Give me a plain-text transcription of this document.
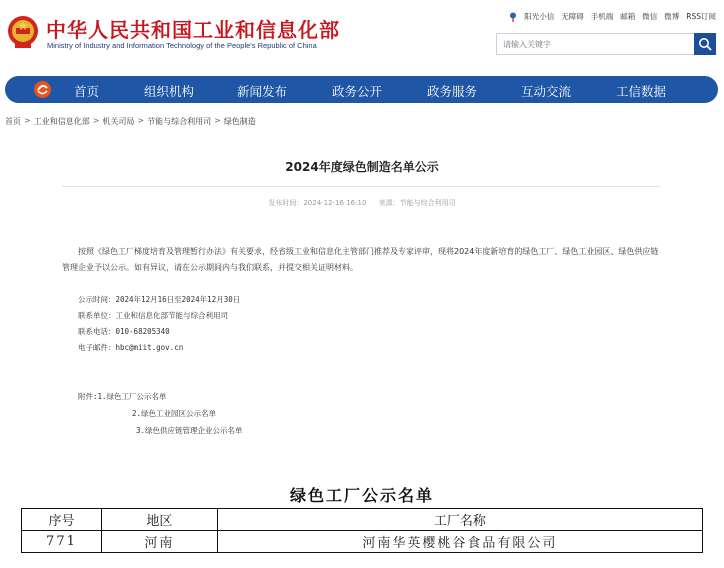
中华人民共和国工业和信息化部
Ministry of Industry and Information Technology of the People's Republic of China
阳光小信 无障碍 手机端 邮箱 微信 微博 RSS订阅
请输入关键字
首页	组织机构	新闻发布	政务公开	政务服务	互动交流	工信数据
首页 > 工业和信息化部 > 机关司局 > 节能与综合利用司 > 绿色制造
2024年度绿色制造名单公示
发布时间：2024-12-16 16:10 来源：节能与综合利用司
按照《绿色工厂梯度培育及管理暂行办法》有关要求，经省级工业和信息化主管部门推荐及专家评审，现将2024年度新培育的绿色工厂、绿色工业园区、绿色供应链管理企业予以公示。如有异议，请在公示期间内与我们联系，并提交相关证明材料。
公示时间：2024年12月16日至2024年12月30日
联系单位：工业和信息化部节能与综合利用司
联系电话：010-68205340
电子邮件：hbc@miit.gov.cn
附件:1.绿色工厂公示名单
2.绿色工业园区公示名单
3.绿色供应链管理企业公示名单
绿色工厂公示名单
序号	地区	工厂名称
771	河南	河南华英樱桃谷食品有限公司
